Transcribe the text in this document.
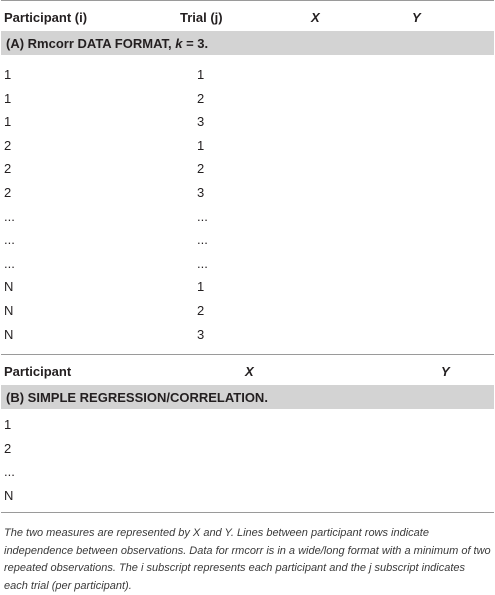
Participant (i)	Trial (j)	X	Y
(A) Rmcorr DATA FORMAT, k = 3.
1	1
1	2
1	3
2	1
2	2
2	3
...	...
...	...
...	...
N	1
N	2
N	3
Participant	X	Y
(B) SIMPLE REGRESSION/CORRELATION.
1
2
...
N
The two measures are represented by X and Y. Lines between participant rows indicate independence between observations. Data for rmcorr is in a wide/long format with a minimum of two repeated observations. The i subscript represents each participant and the j subscript indicates each trial (per participant).
